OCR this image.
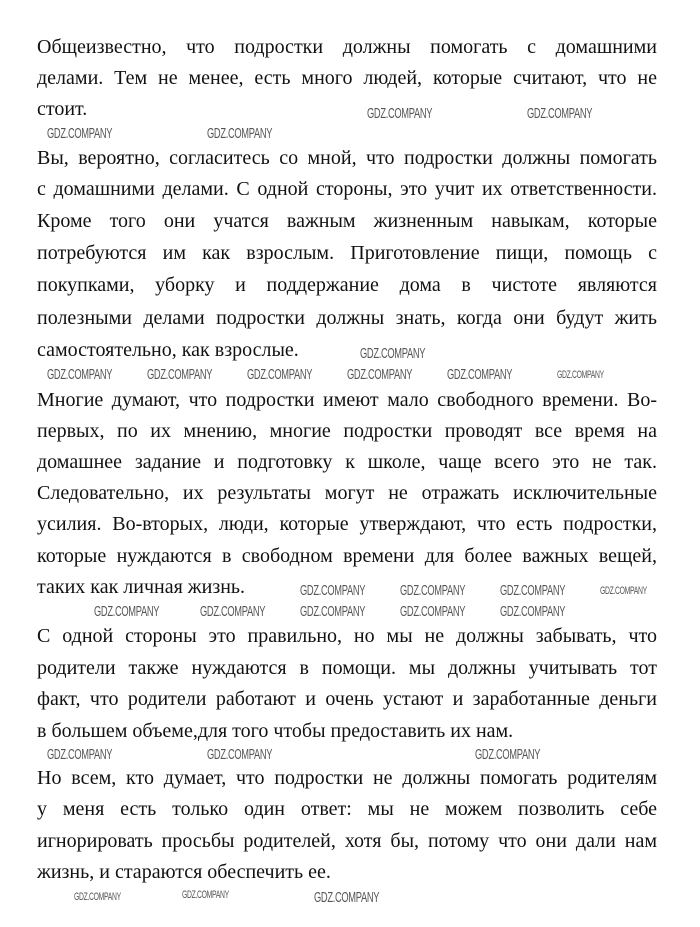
Общеизвестно, что подростки должны помогать с домашними
делами. Тем не менее, есть много людей, которые считают, что не
стоит.
Вы, вероятно, согласитесь со мной, что подростки должны помогать
с домашними делами. С одной стороны, это учит их ответственности.
Кроме того они учатся важным жизненным навыкам, которые
потребуются им как взрослым. Приготовление пищи, помощь с
покупками, уборку и поддержание дома в чистоте являются
полезными делами подростки должны знать, когда они будут жить
самостоятельно, как взрослые.
Многие думают, что подростки имеют мало свободного времени. Во-
первых, по их мнению, многие подростки проводят все время на
домашнее задание и подготовку к школе, чаще всего это не так.
Следовательно, их результаты могут не отражать исключительные
усилия. Во-вторых, люди, которые утверждают, что есть подростки,
которые нуждаются в свободном времени для более важных вещей,
таких как личная жизнь.
С одной стороны это правильно, но мы не должны забывать, что
родители также нуждаются в помощи. мы должны учитывать тот
факт, что родители работают и очень устают и заработанные деньги
в большем объеме,для того чтобы предоставить их нам.
Но всем, кто думает, что подростки не должны помогать родителям
у меня есть только один ответ: мы не можем позволить себе
игнорировать просьбы родителей, хотя бы, потому что они дали нам
жизнь, и стараются обеспечить ее.
GDZ.COMPANY	GDZ.COMPANY
GDZ.COMPANY	GDZ.COMPANY
GDZ.COMPANY GDZ.COMPANY GDZ.COMPANY GDZ.COMPANY GDZ.COMPANY	GDZ.COMPANY
GDZ.COMPANY
GDZ.COMPANY GDZ.COMPANY GDZ.COMPANY	GDZ.COMPANY
GDZ.COMPANY	GDZ.COMPANY GDZ.COMPANY GDZ.COMPANY GDZ.COMPANY
GDZ.COMPANY	GDZ.COMPANY	GDZ.COMPANY
GDZ.COMPANY	GDZ.COMPANY	GDZ.COMPANY
